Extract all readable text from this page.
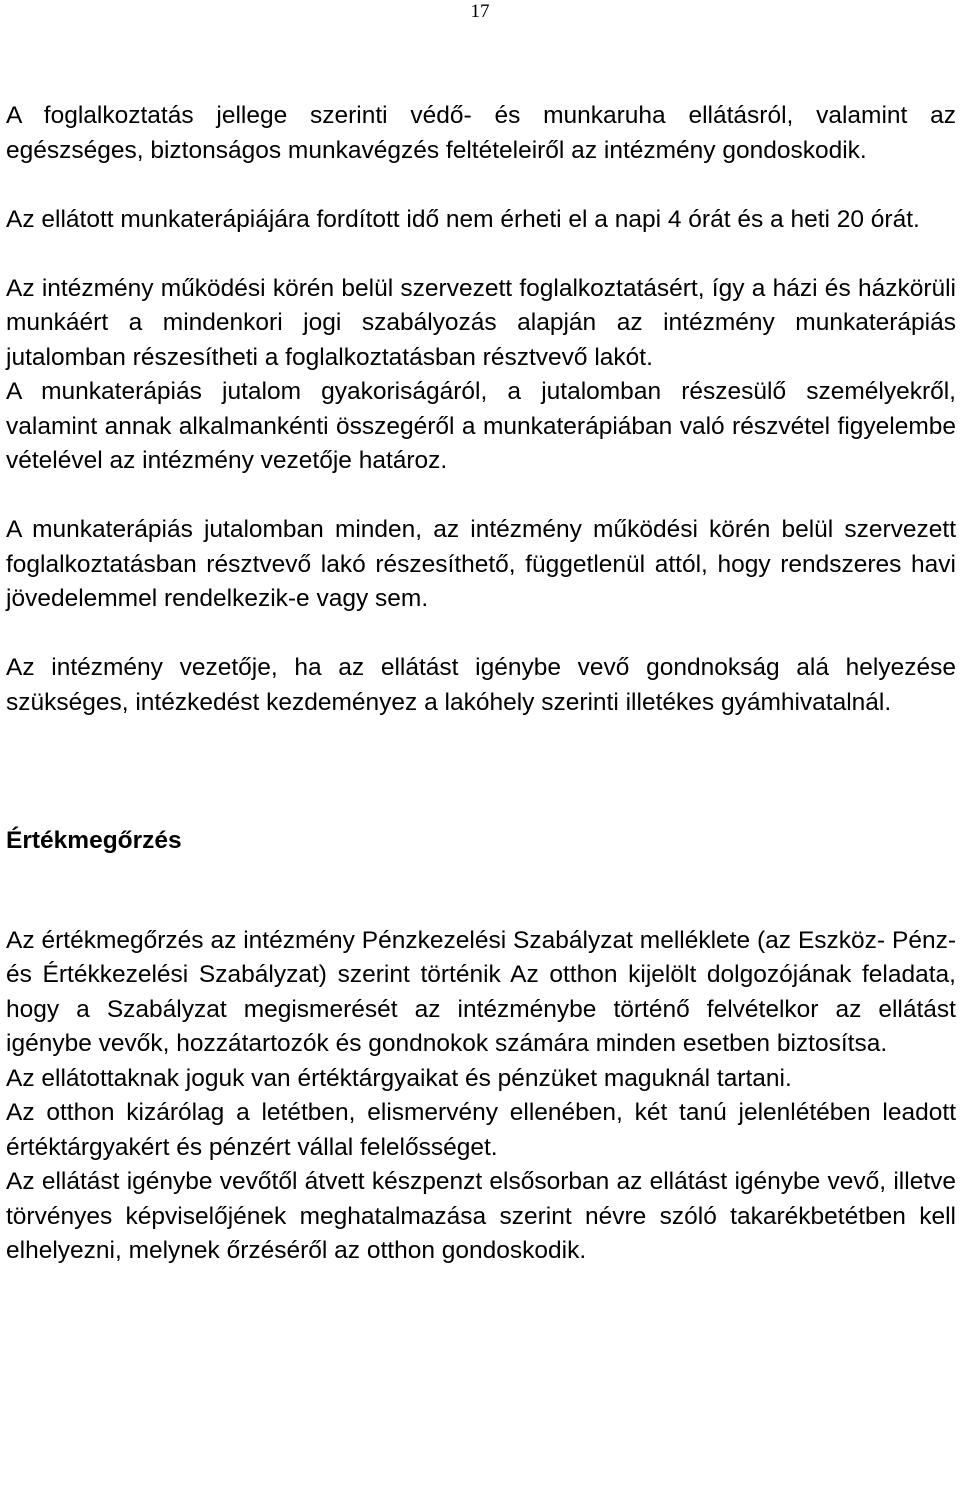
17

A foglalkoztatás jellege szerinti védő- és munkaruha ellátásról, valamint az egészséges, biztonságos munkavégzés feltételeiről az intézmény gondoskodik.

Az ellátott munkaterápiájára fordított idő nem érheti el a napi 4 órát és a heti 20 órát.

Az intézmény működési körén belül szervezett foglalkoztatásért, így a házi és házkörüli munkáért a mindenkori jogi szabályozás alapján az intézmény munkaterápiás jutalomban részesítheti a foglalkoztatásban résztvevő lakót.

A munkaterápiás jutalom gyakoriságáról, a jutalomban részesülő személyekről, valamint annak alkalmankénti összegéről a munkaterápiában való részvétel figyelembe vételével az intézmény vezetője határoz.

A munkaterápiás jutalomban minden, az intézmény működési körén belül szervezett foglalkoztatásban résztvevő lakó részesíthető, függetlenül attól, hogy rendszeres havi jövedelemmel rendelkezik-e vagy sem.

Az intézmény vezetője, ha az ellátást igénybe vevő gondnokság alá helyezése szükséges, intézkedést kezdeményez a lakóhely szerinti illetékes gyámhivatalnál.

Értékmegőrzés

Az értékmegőrzés az intézmény Pénzkezelési Szabályzat melléklete (az Eszköz- Pénz- és Értékkezelési Szabályzat) szerint történik Az otthon kijelölt dolgozójának feladata, hogy a Szabályzat megismerését az intézménybe történő felvételkor az ellátást igénybe vevők, hozzátartozók és gondnokok számára minden esetben biztosítsa.

Az ellátottaknak joguk van értéktárgyaikat és pénzüket maguknál tartani.

Az otthon kizárólag a letétben, elismervény ellenében, két tanú jelenlétében leadott értéktárgyakért és pénzért vállal felelősséget.

Az ellátást igénybe vevőtől átvett készpenzt elsősorban az ellátást igénybe vevő, illetve törvényes képviselőjének meghatalmazása szerint névre szóló takarékbetétben kell elhelyezni, melynek őrzéséről az otthon gondoskodik.
